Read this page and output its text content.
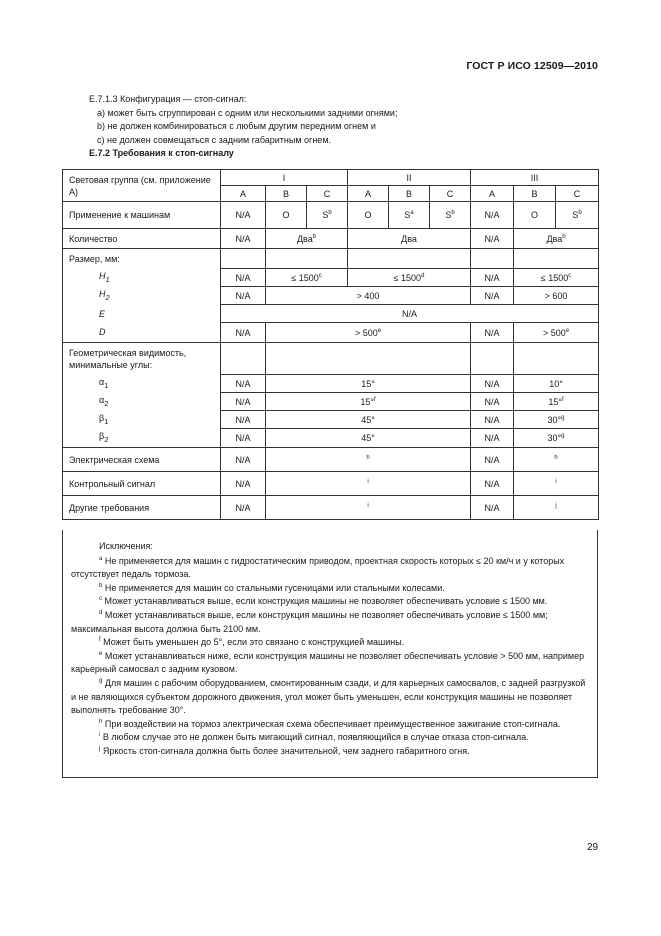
ГОСТ Р ИСО 12509—2010
Е.7.1.3 Конфигурация — стоп-сигнал:
a) может быть сгруппирован с одним или несколькими задними огнями;
b) не должен комбинироваться с любым другим передним огнем и
c) не должен совмещаться с задним габаритным огнем.
Е.7.2 Требования к стоп-сигналу
Световая группа (см. приложение А)	I			II			III		
	A	B	C	A	B	C	A	B	C
Применение к машинам	N/A	O	$S^b$	O	$S^a$	$S^b$	N/A	O	$S^b$
Количество	N/A	Два$^b$		Два			N/A	Два$^b$
Размер, мм:									
$H_1$	N/A	≤ $1500^c$		≤ $1500^d$			N/A	≤ $1500^c$
$H_2$	N/A	> 400					N/A	> 600	
E	N/A								
D	N/A	> $500^e$					N/A	> $500^e$
Геометрическая видимость, минимальные углы:									
$\alpha_1$	N/A	15°					N/A	10°	
$\alpha_2$	N/A	15°$^f$					N/A	15°$^f$
$\beta_1$	N/A	45°					N/A	30°$^g$
$\beta_2$	N/A	45°					N/A	30°$^g$
Электрическая схема	N/A	$^h$					N/A	$^h$
Контрольный сигнал	N/A	$^i$					N/A	$^i$
Другие требования	N/A	$^i$					N/A	$^j$
Исключения:
$^a$ Не применяется для машин с гидростатическим приводом, проектная скорость которых ≤ 20 км/ч и у которых отсутствует педаль тормоза.
$^b$ Не применяется для машин со стальными гусеницами или стальными колесами.
$^c$ Может устанавливаться выше, если конструкция машины не позволяет обеспечивать условие ≤ 1500 мм.
$^d$ Может устанавливаться выше, если конструкция машины не позволяет обеспечивать условие ≤ 1500 мм; максимальная высота должна быть 2100 мм.
$^f$ Может быть уменьшен до 5°, если это связано с конструкцией машины.
$^e$ Может устанавливаться ниже, если конструкция машины не позволяет обеспечивать условие > 500 мм, например карьерный самосвал с задним кузовом.
$^g$ Для машин с рабочим оборудованием, смонтированным сзади, и для карьерных самосвалов, с задней разгрузкой и не являющихся субъектом дорожного движения, угол может быть уменьшен, если конструкция машины не позволяет выполнять требование 30°.
$^h$ При воздействии на тормоз электрическая схема обеспечивает преимущественное зажигание стоп-сигнала.
$^i$ В любом случае это не должен быть мигающий сигнал, появляющийся в случае отказа стоп-сигнала.
$^j$ Яркость стоп-сигнала должна быть более значительной, чем заднего габаритного огня.
29
